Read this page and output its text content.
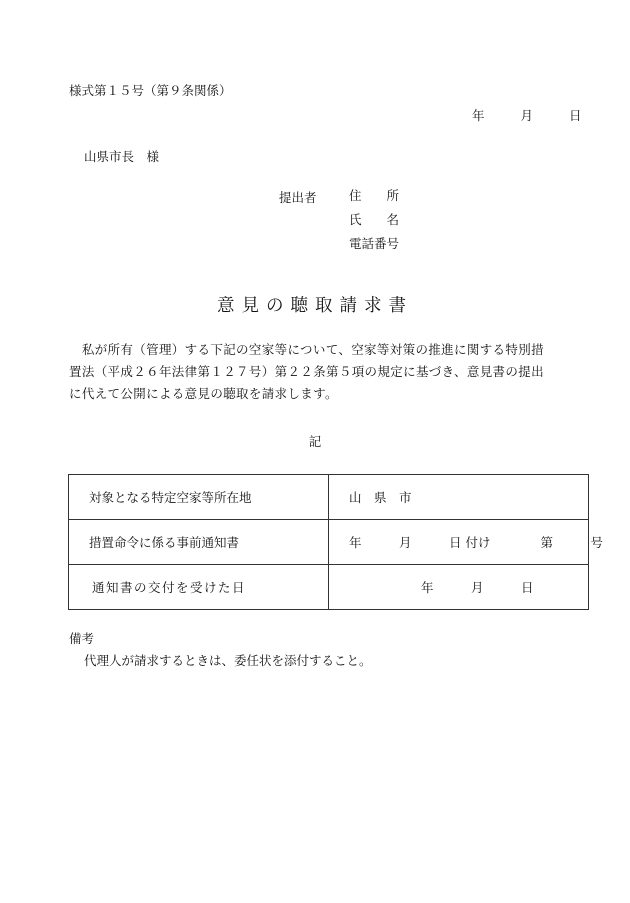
様式第１５号（第９条関係）
年	月	日
山県市長　様
提出者	住　　所
氏　　名
電話番号
意見の聴取請求書
　私が所有（管理）する下記の空家等について、空家等対策の推進に関する特別措
置法（平成２６年法律第１２７号）第２２条第５項の規定に基づき、意見書の提出
に代えて公開による意見の聴取を請求します。
記
対象となる特定空家等所在地	山　県　市
措置命令に係る事前通知書	年　　　月　　　日 付け　　　　第　　　号
通知書の交付を受けた日	年　　　月　　　日
備考
代理人が請求するときは、委任状を添付すること。
